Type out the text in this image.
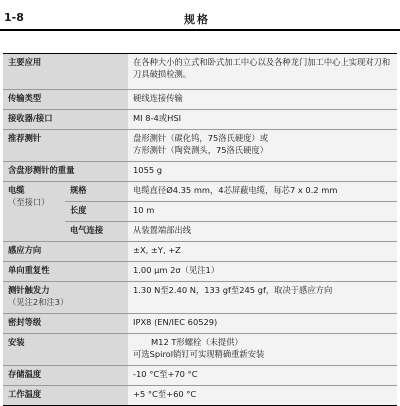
1-8	规格
主要应用		在各种大小的立式和卧式加工中心以及各种龙门加工中心上实现对刀和刀具破损检测。
传输类型		硬线连接传输
接收器/接口		MI 8-4或HSI
推荐测针		盘形测针（碳化钨，75洛氏硬度）或
方形测针（陶瓷测头，75洛氏硬度）

含盘形测针的重量		1055 g

电缆
（至接口）	规格	电缆直径Ø4.35 mm，4芯屏蔽电缆，每芯7 x 0.2 mm
	长度	10 m
	电气连接	从装置端部出线
感应方向		±X, ±Y, +Z
单向重复性		1.00 µm 2σ（见注1）

测针触发力
（见注2和注3）		1.30 N至2.40 N，133 gf至245 gf，取决于感应方向
密封等级		IPX8 (EN/IEC 60529)
安装		M12 T形螺栓（未提供）
可选Spirol销钉可实现精确重新安装

存储温度		-10 °C至+70 °C
工作温度		+5 °C至+60 °C
